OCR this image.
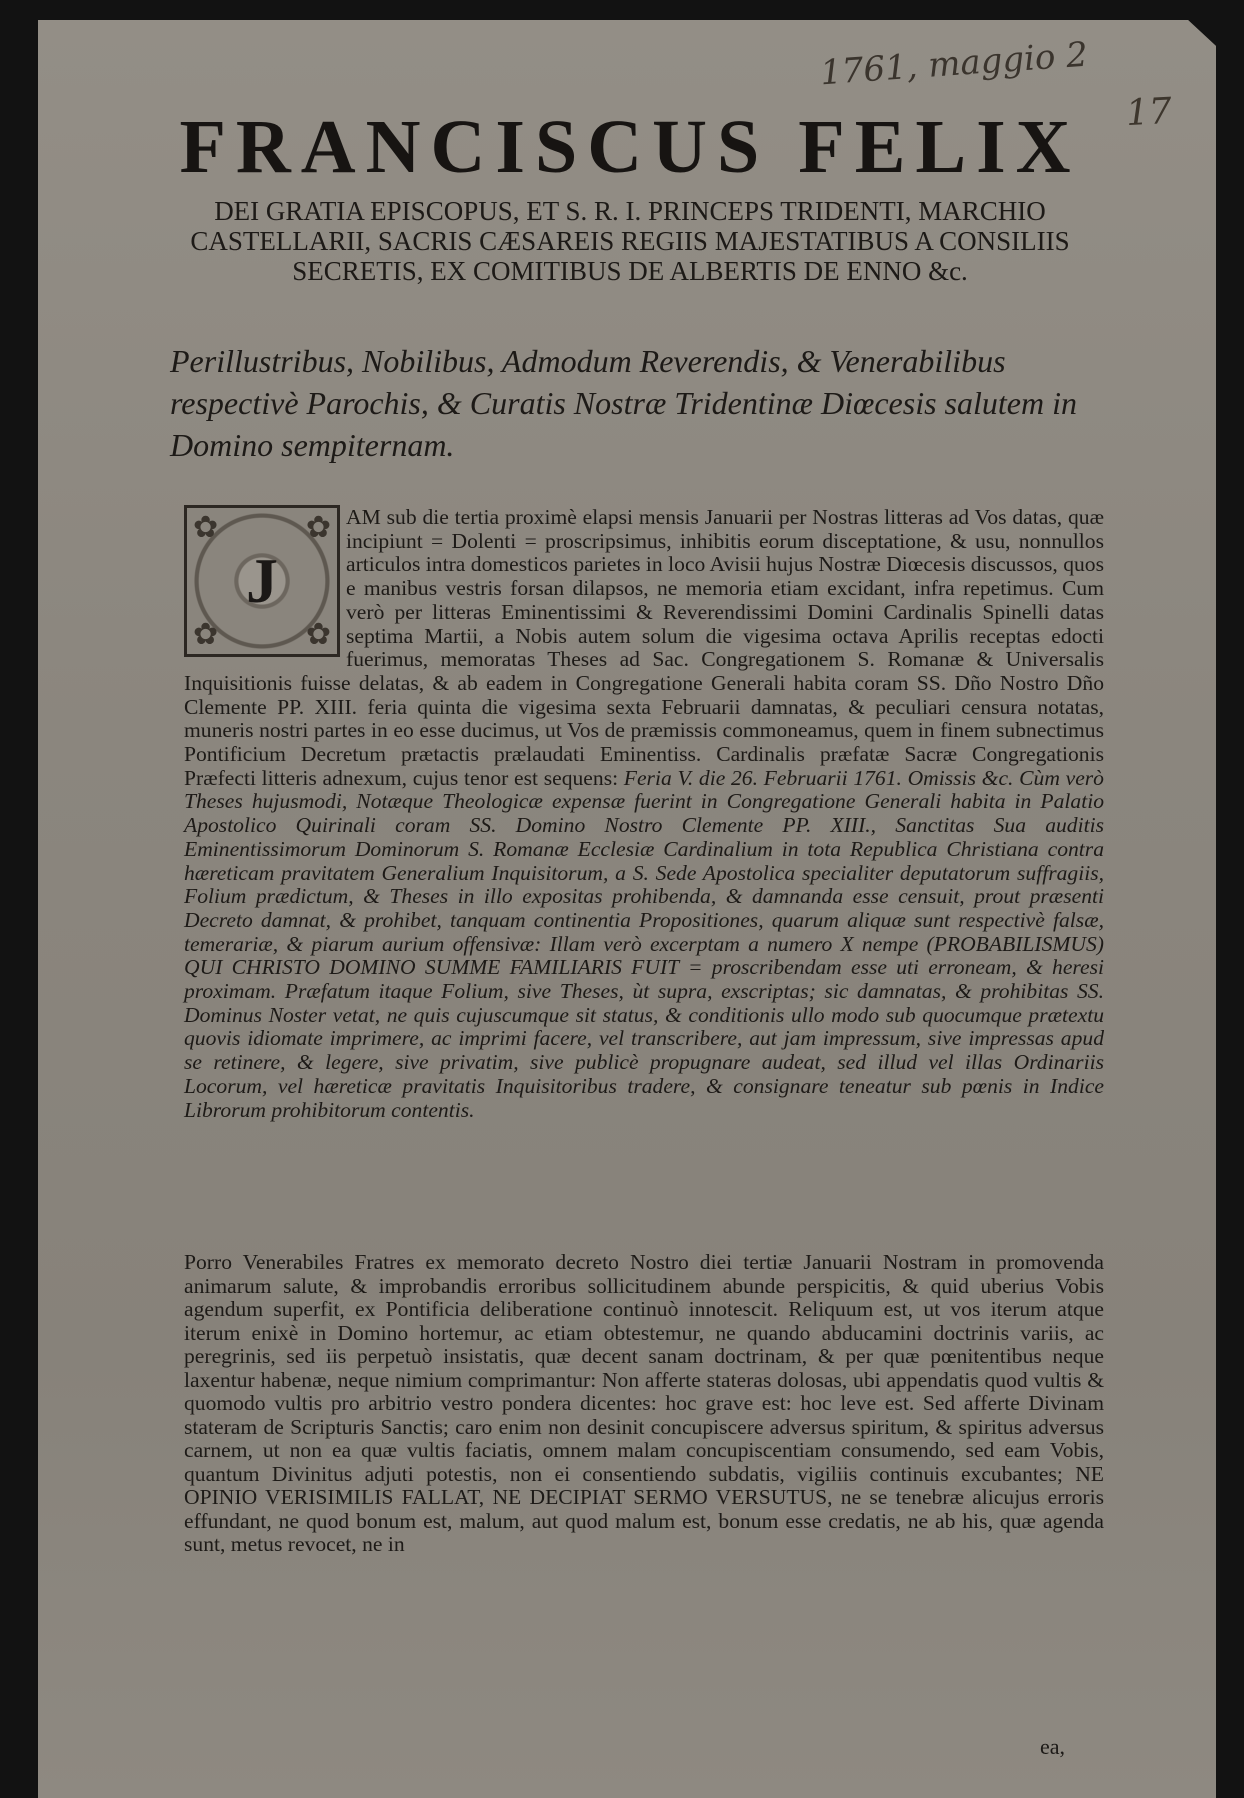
1761, maggio 2
17
FRANCISCUS FELIX

DEI GRATIA EPISCOPUS, ET S. R. I. PRINCEPS TRIDENTI, MARCHIO CASTELLARII, SACRIS CÆSAREIS REGIIS MAJESTATIBUS A CONSILIIS SECRETIS, EX COMITIBUS DE ALBERTIS DE ENNO &c.

Perillustribus, Nobilibus, Admodum Reverendis, & Venerabilibus respectivè Parochis, & Curatis Nostræ Tridentinæ Diœcesis salutem in Domino sempiternam.

✿	✿
✿	✿
J

AM sub die tertia proximè elapsi mensis Januarii per Nostras litteras ad Vos datas, quæ incipiunt = Dolenti = proscripsimus, inhibitis eorum disceptatione, & usu, nonnullos articulos intra domesticos parietes in loco Avisii hujus Nostræ Diœcesis discussos, quos e manibus vestris forsan dilapsos, ne memoria etiam excidant, infra repetimus. Cum verò per litteras Eminentissimi & Reverendissimi Domini Cardinalis Spinelli datas septima Martii, a Nobis autem solum die vigesima octava Aprilis receptas edocti fuerimus, memoratas Theses ad Sac. Congregationem S. Romanæ & Universalis Inquisitionis fuisse delatas, & ab eadem in Congregatione Generali habita coram SS. Dño Nostro Dño Clemente PP. XIII. feria quinta die vigesima sexta Februarii damnatas, & peculiari censura notatas, muneris nostri partes in eo esse ducimus, ut Vos de præmissis commoneamus, quem in finem subnectimus Pontificium Decretum prætactis prælaudati Eminentiss. Cardinalis præfatæ Sacræ Congregationis Præfecti litteris adnexum, cujus tenor est sequens: Feria V. die 26. Februarii 1761. Omissis &c. Cùm verò Theses hujusmodi, Notæque Theologicæ expensæ fuerint in Congregatione Generali habita in Palatio Apostolico Quirinali coram SS. Domino Nostro Clemente PP. XIII., Sanctitas Sua auditis Eminentissimorum Dominorum S. Romanæ Ecclesiæ Cardinalium in tota Republica Christiana contra hæreticam pravitatem Generalium Inquisitorum, a S. Sede Apostolica specialiter deputatorum suffragiis, Folium prædictum, & Theses in illo expositas prohibenda, & damnanda esse censuit, prout præsenti Decreto damnat, & prohibet, tanquam continentia Propositiones, quarum aliquæ sunt respectivè falsæ, temerariæ, & piarum aurium offensivæ: Illam verò excerptam a numero X nempe (PROBABILISMUS) QUI CHRISTO DOMINO SUMME FAMILIARIS FUIT = proscribendam esse uti erroneam, & heresi proximam. Præfatum itaque Folium, sive Theses, ùt supra, exscriptas; sic damnatas, & prohibitas SS. Dominus Noster vetat, ne quis cujuscumque sit status, & conditionis ullo modo sub quocumque prætextu quovis idiomate imprimere, ac imprimi facere, vel transcribere, aut jam impressum, sive impressas apud se retinere, & legere, sive privatim, sive publicè propugnare audeat, sed illud vel illas Ordinariis Locorum, vel hæreticæ pravitatis Inquisitoribus tradere, & consignare teneatur sub pœnis in Indice Librorum prohibitorum contentis.

Porro Venerabiles Fratres ex memorato decreto Nostro diei tertiæ Januarii Nostram in promovenda animarum salute, & improbandis erroribus sollicitudinem abunde perspicitis, & quid uberius Vobis agendum superfit, ex Pontificia deliberatione continuò innotescit. Reliquum est, ut vos iterum atque iterum enixè in Domino hortemur, ac etiam obtestemur, ne quando abducamini doctrinis variis, ac peregrinis, sed iis perpetuò insistatis, quæ decent sanam doctrinam, & per quæ pœnitentibus neque laxentur habenæ, neque nimium comprimantur: Non afferte stateras dolosas, ubi appendatis quod vultis & quomodo vultis pro arbitrio vestro pondera dicentes: hoc grave est: hoc leve est. Sed afferte Divinam stateram de Scripturis Sanctis; caro enim non desinit concupiscere adversus spiritum, & spiritus adversus carnem, ut non ea quæ vultis faciatis, omnem malam concupiscentiam consumendo, sed eam Vobis, quantum Divinitus adjuti potestis, non ei consentiendo subdatis, vigiliis continuis excubantes; NE OPINIO VERISIMILIS FALLAT, NE DECIPIAT SERMO VERSUTUS, ne se tenebræ alicujus erroris effundant, ne quod bonum est, malum, aut quod malum est, bonum esse credatis, ne ab his, quæ agenda sunt, metus revocet, ne in

ea,
